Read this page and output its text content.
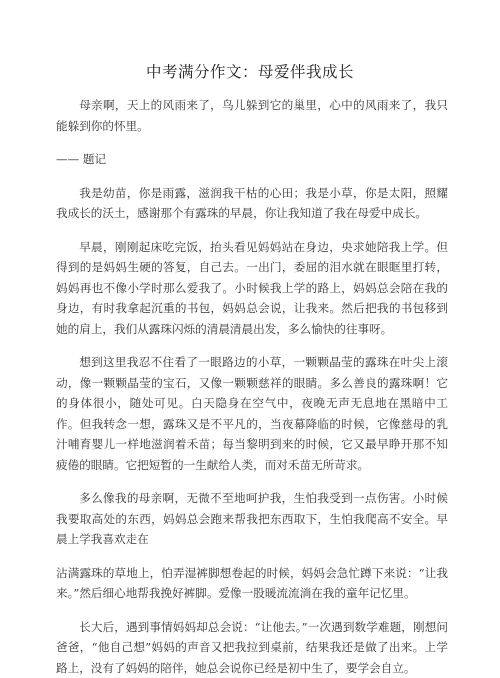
中考满分作文：母爱伴我成长

母亲啊，天上的风雨来了，鸟儿躲到它的巢里，心中的风雨来了，我只能躲到你的怀里。

—— 题记

我是幼苗，你是雨露，滋润我干枯的心田；我是小草，你是太阳，照耀我成长的沃土，感谢那个有露珠的早晨，你让我知道了我在母爱中成长。

早晨，刚刚起床吃完饭，抬头看见妈妈站在身边，央求她陪我上学。但得到的是妈妈生硬的答复，自己去。一出门，委屈的泪水就在眼眶里打转，妈妈再也不像小学时那么爱我了。小时候我上学的路上，妈妈总会陪在我的身边，有时我拿起沉重的书包，妈妈总会说，让我来。然后把我的书包移到她的肩上，我们从露珠闪烁的清晨清晨出发，多么愉快的往事呀。

想到这里我忍不住看了一眼路边的小草，一颗颗晶莹的露珠在叶尖上滚动，像一颗颗晶莹的宝石，又像一颗颗慈祥的眼睛。多么善良的露珠啊！它的身体很小，随处可见。白天隐身在空气中，夜晚无声无息地在黑暗中工作。但我转念一想，露珠又是不平凡的，当夜幕降临的时候，它像慈母的乳汁哺育婴儿一样地滋润着禾苗；每当黎明到来的时候，它又最早睁开那不知疲倦的眼睛。它把短暂的一生献给人类，而对禾苗无所苛求。

多么像我的母亲啊，无微不至地呵护我，生怕我受到一点伤害。小时候我要取高处的东西，妈妈总会跑来帮我把东西取下，生怕我爬高不安全。早晨上学我喜欢走在

沾满露珠的草地上，怕弄湿裤脚想卷起的时候，妈妈会急忙蹲下来说：“让我来。”然后细心地帮我挽好裤脚。爱像一股暖流流淌在我的童年记忆里。

长大后，遇到事情妈妈却总会说：“让他去。”一次遇到数学难题，刚想问爸爸，“他自己想”妈妈的声音又把我拉到桌前，结果我还是做了出来。上学路上，没有了妈妈的陪伴，她总会说你已经是初中生了，要学会自立。
